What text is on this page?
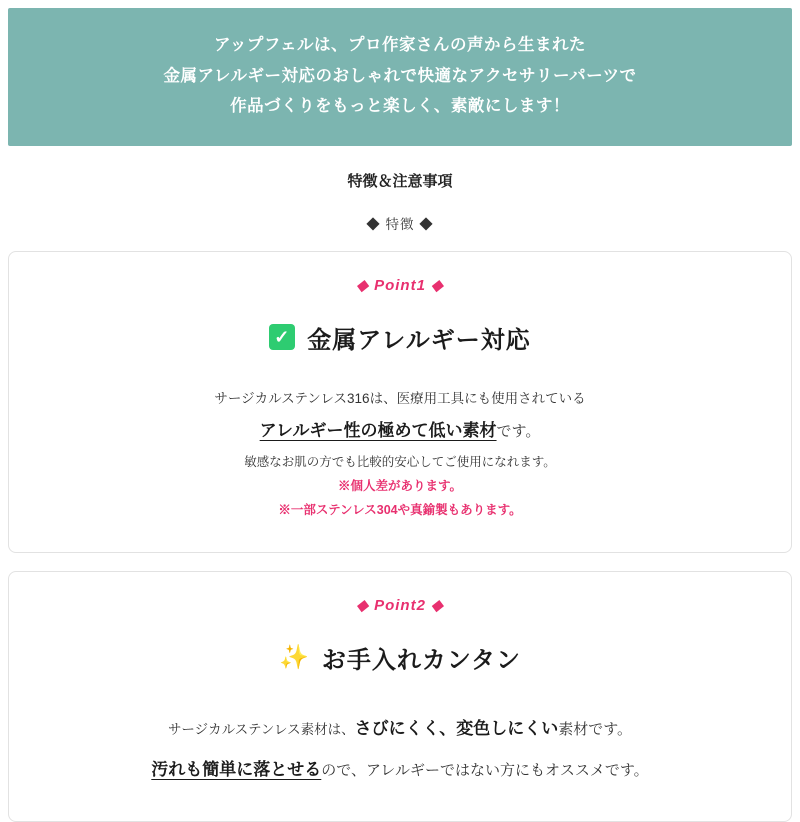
アップフェルは、プロ作家さんの声から生まれた
金属アレルギー対応のおしゃれで快適なアクセサリーパーツで
作品づくりをもっと楽しく、素敵にします！
特徴＆注意事項
◆ 特徴 ◆
◆ Point1 ◆
✓ 金属アレルギー対応
サージカルステンレス316は、医療用工具にも使用されている
アレルギー性の極めて低い素材です。
敏感なお肌の方でも比較的安心してご使用になれます。
※個人差があります。
※一部ステンレス304や真鍮製もあります。
◆ Point2 ◆
✨ お手入れカンタン
サージカルステンレス素材は、さびにくく、変色しにくい素材です。
汚れも簡単に落とせるので、アレルギーではない方にもオススメです。
